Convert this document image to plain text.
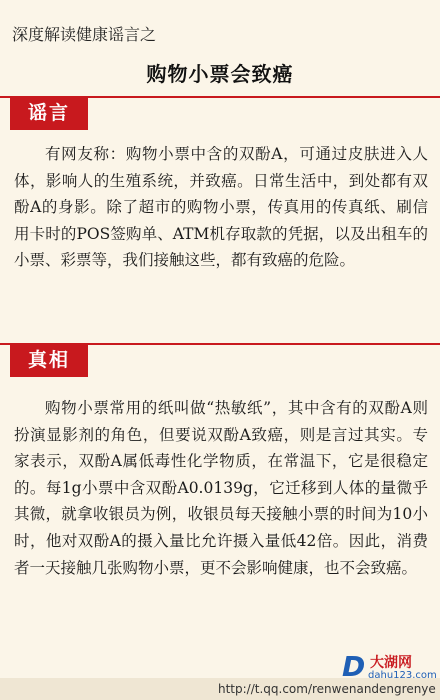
深度解读健康谣言之
购物小票会致癌
谣言
有网友称：购物小票中含的双酚A，可通过皮肤进入人体，影响人的生殖系统，并致癌。日常生活中，到处都有双酚A的身影。除了超市的购物小票，传真用的传真纸、刷信用卡时的POS签购单、ATM机存取款的凭据，以及出租车的小票、彩票等，我们接触这些，都有致癌的危险。
真相
购物小票常用的纸叫做“热敏纸”，其中含有的双酚A则扮演显影剂的角色，但要说双酚A致癌，则是言过其实。专家表示，双酚A属低毒性化学物质，在常温下，它是很稳定的。每1g小票中含双酚A0.0139g，它迁移到人体的量微乎其微，就拿收银员为例，收银员每天接触小票的时间为10小时，他对双酚A的摄入量比允许摄入量低42倍。因此，消费者一天接触几张购物小票，更不会影响健康，也不会致癌。
http://t.qq.com/renwenandengrenye
D 大湖网
dahu123.com
